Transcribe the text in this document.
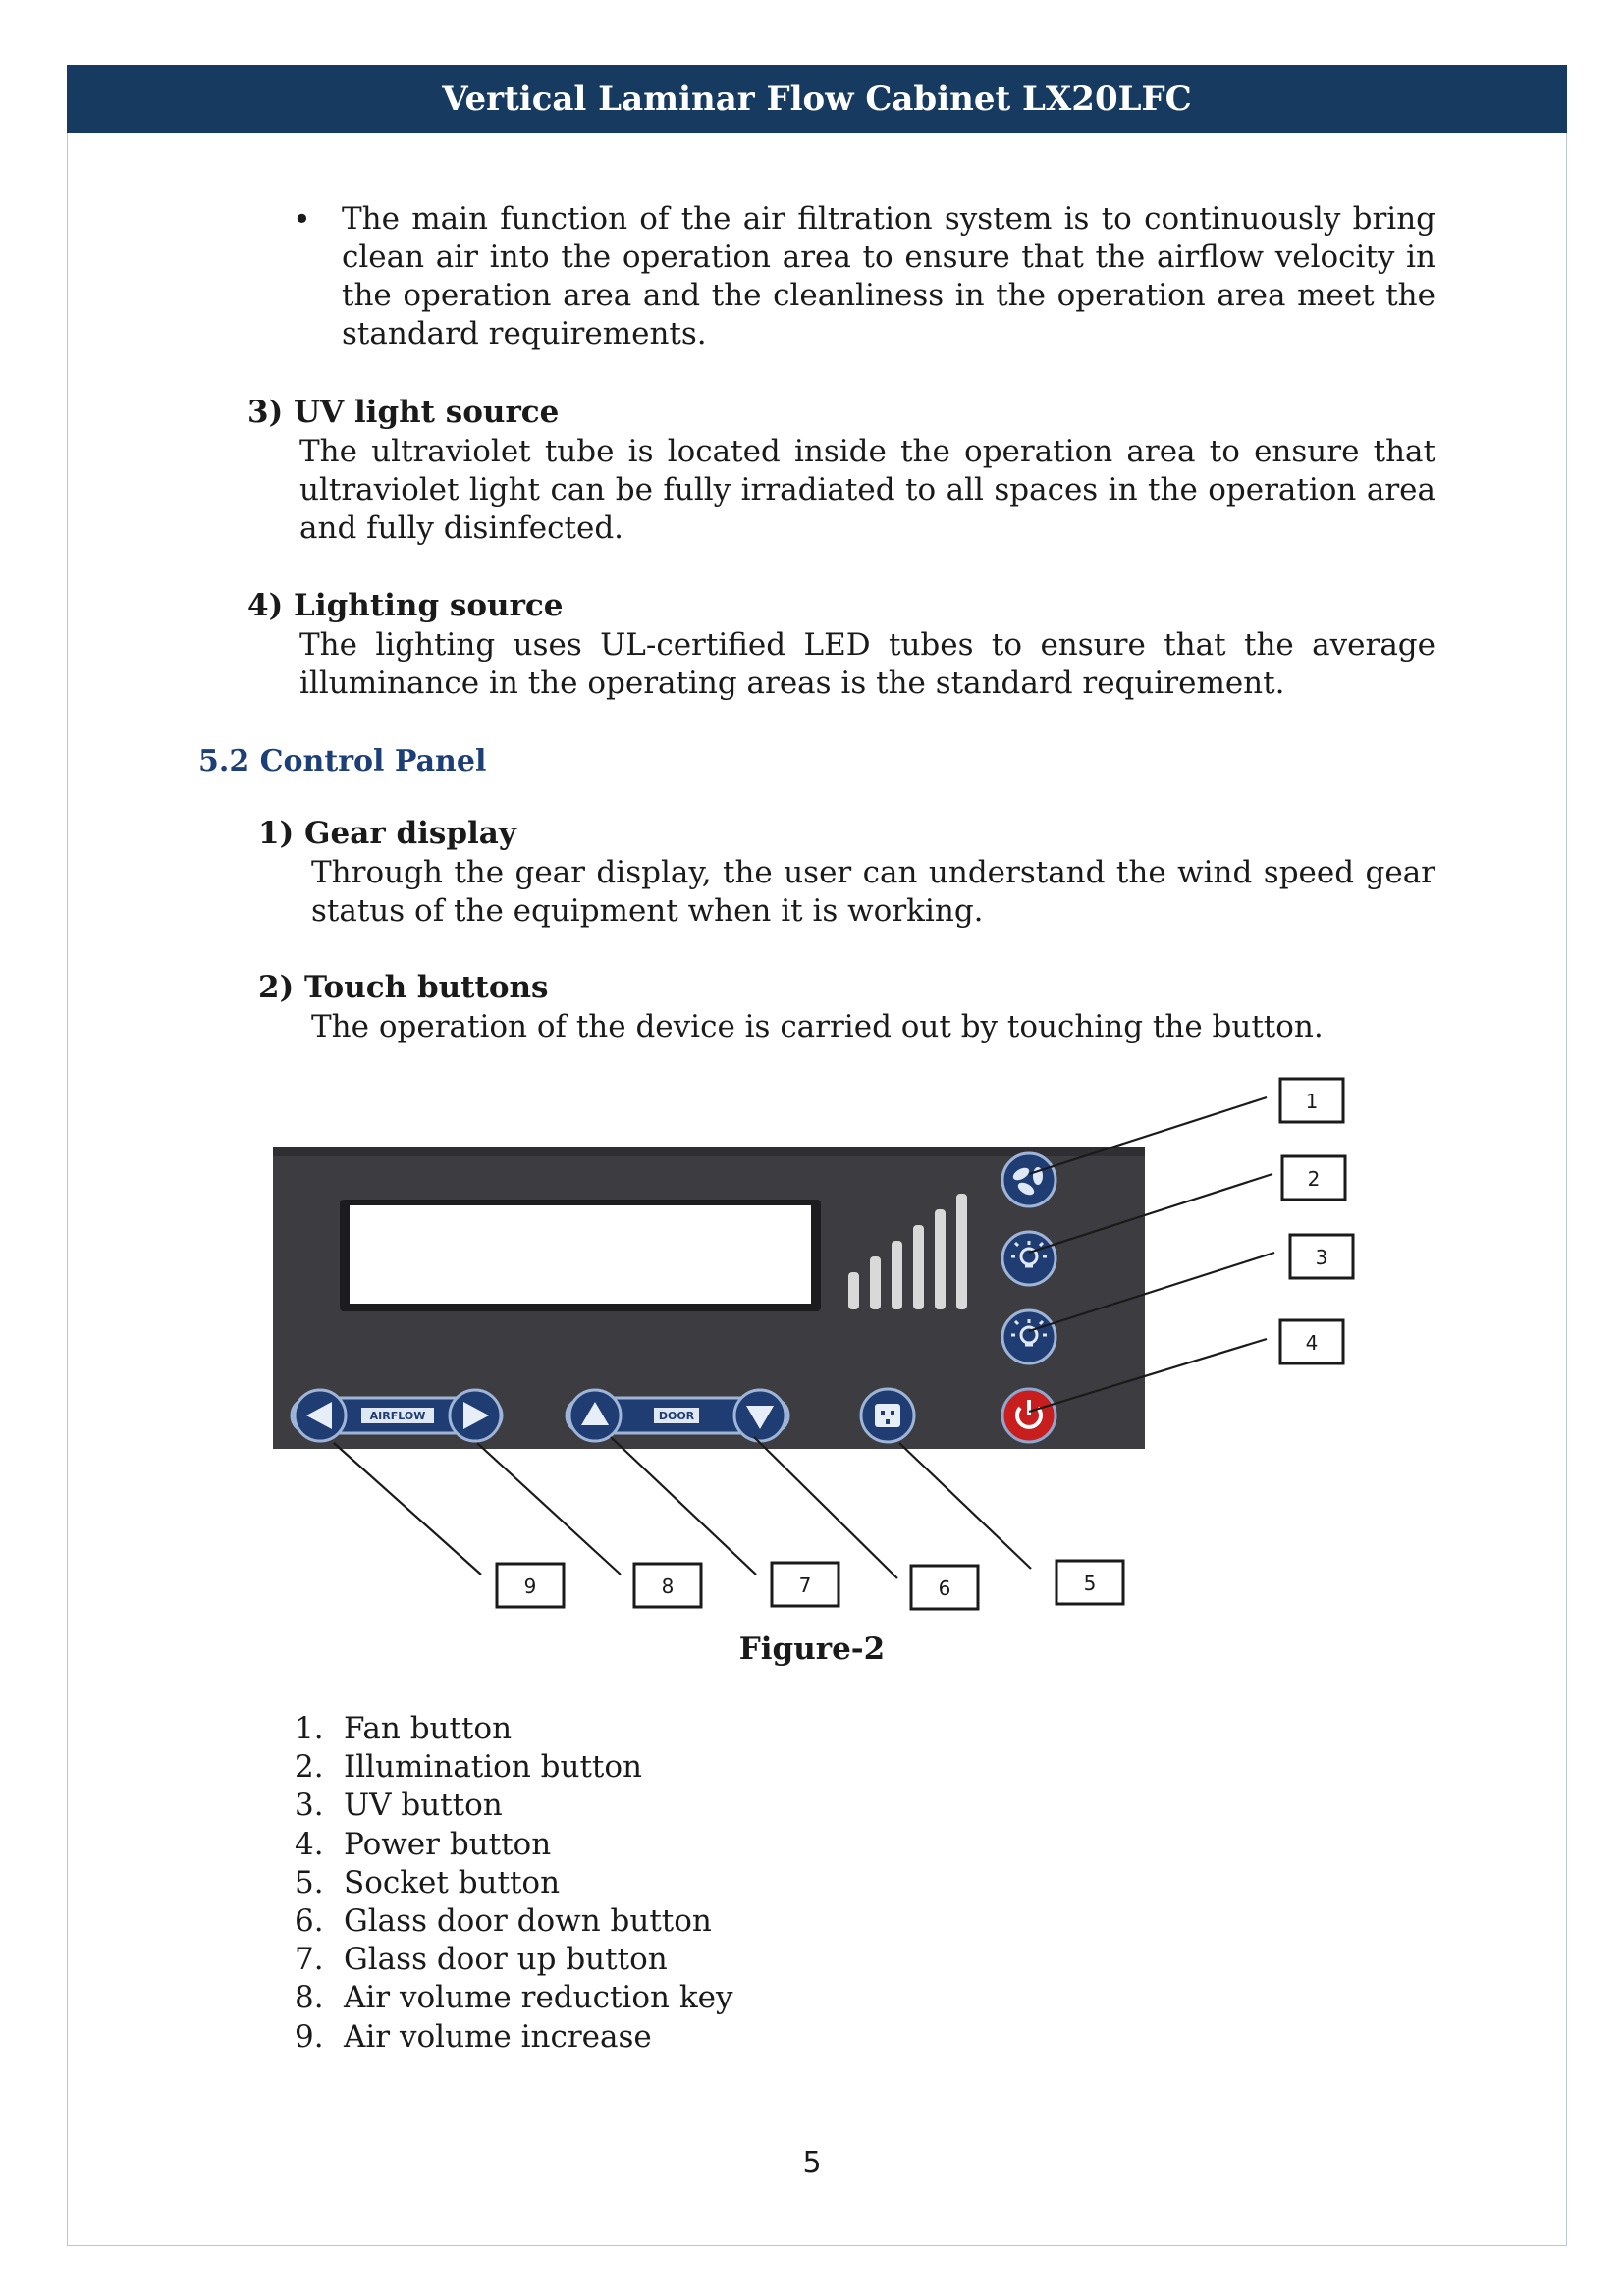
Vertical Laminar Flow Cabinet LX20LFC
• The main function of the air filtration system is to continuously bring clean air into the operation area to ensure that the airflow velocity in the operation area and the cleanliness in the operation area meet the standard requirements.

3) UV light source

The ultraviolet tube is located inside the operation area to ensure that ultraviolet light can be fully irradiated to all spaces in the operation area and fully disinfected.

4) Lighting source

The lighting uses UL-certified LED tubes to ensure that the average illuminance in the operating areas is the standard requirement.

5.2 Control Panel

1) Gear display

Through the gear display, the user can understand the wind speed gear status of the equipment when it is working.

2) Touch buttons

The operation of the device is carried out by touching the button.

AIRFLOW	DOOR
1
2
3
4
5
6
7
8
9
Figure-2
1. Fan button
2. Illumination button
3. UV button
4. Power button
5. Socket button
6. Glass door down button
7. Glass door up button
8. Air volume reduction key
9. Air volume increase
5
